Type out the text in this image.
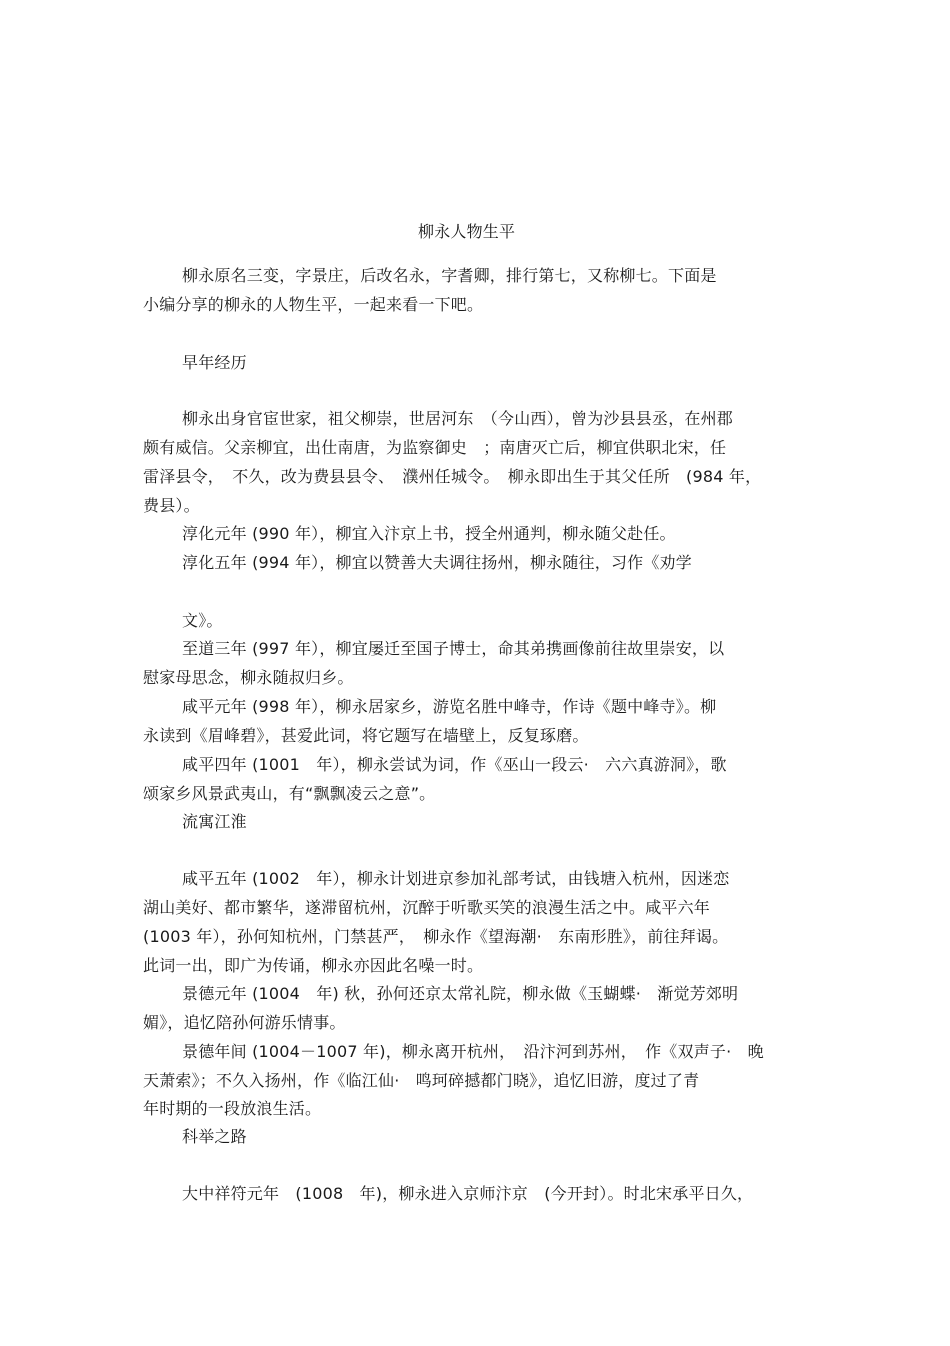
柳永人物生平
柳永原名三变，字景庄，后改名永，字耆卿，排行第七，又称柳七。下面是
小编分享的柳永的人物生平，一起来看一下吧。
早年经历
柳永出身官宦世家，祖父柳崇，世居河东　（今山西），曾为沙县县丞，在州郡
颇有威信。父亲柳宜，出仕南唐，为监察御史　；南唐灭亡后，柳宜供职北宋，任
雷泽县令，　不久，改为费县县令、　濮州任城令。　柳永即出生于其父任所　(984 年，
费县）。
淳化元年 (990 年），柳宜入汴京上书，授全州通判，柳永随父赴任。
淳化五年 (994 年），柳宜以赞善大夫调往扬州，柳永随往，习作《劝学
文》。
至道三年 (997 年），柳宜屡迁至国子博士，命其弟携画像前往故里崇安，以
慰家母思念，柳永随叔归乡。
咸平元年 (998 年），柳永居家乡，游览名胜中峰寺，作诗《题中峰寺》。柳
永读到《眉峰碧》，甚爱此词，将它题写在墙壁上，反复琢磨。
咸平四年 (1001　年），柳永尝试为词，作《巫山一段云·　六六真游洞》，歌
颂家乡风景武夷山，有“飘飘凌云之意”。
流寓江淮
咸平五年 (1002　年），柳永计划进京参加礼部考试，由钱塘入杭州，因迷恋
湖山美好、都市繁华，遂滞留杭州，沉醉于听歌买笑的浪漫生活之中。咸平六年
(1003 年），孙何知杭州，门禁甚严，　柳永作《望海潮·　东南形胜》，前往拜谒。
此词一出，即广为传诵，柳永亦因此名噪一时。
景德元年 (1004　年) 秋，孙何还京太常礼院，柳永做《玉蝴蝶·　渐觉芳郊明
媚》，追忆陪孙何游乐情事。
景德年间 (1004－1007 年)，柳永离开杭州，　沿汴河到苏州，　作《双声子·　晚
天萧索》；不久入扬州，作《临江仙·　鸣珂碎撼都门晓》，追忆旧游，度过了青
年时期的一段放浪生活。
科举之路
大中祥符元年　(1008　年)，柳永进入京师汴京　(今开封）。时北宋承平日久，
